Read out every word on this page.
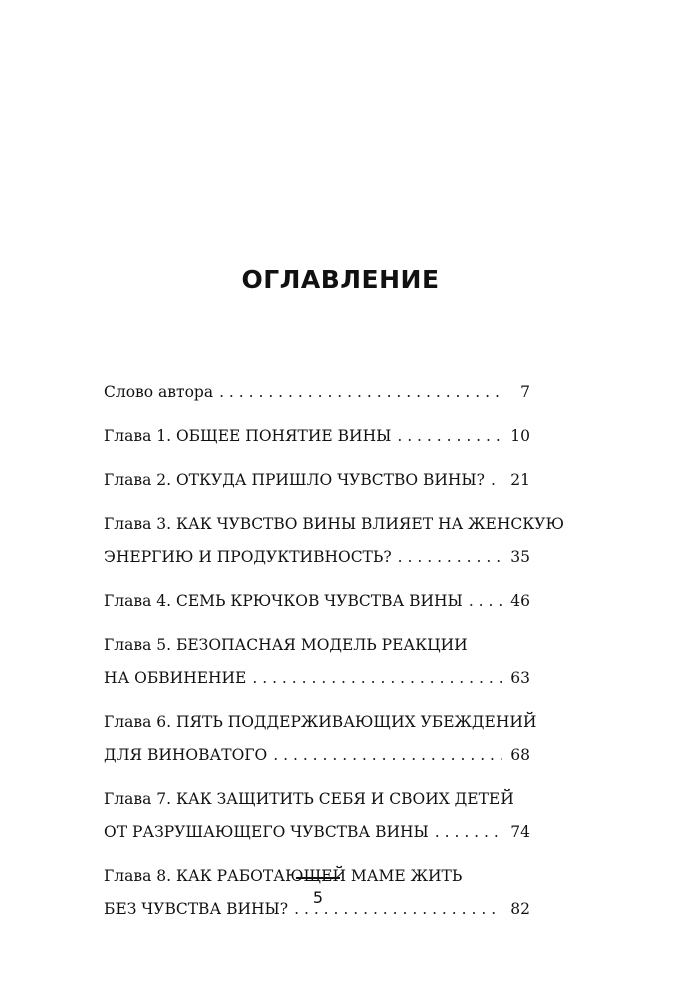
ОГЛАВЛЕНИЕ
Слово автора . . .	7
Глава 1. ОБЩЕЕ ПОНЯТИЕ ВИНЫ . . .	10
Глава 2. ОТКУДА ПРИШЛО ЧУВСТВО ВИНЫ? . . . 21
Глава 3. КАК ЧУВСТВО ВИНЫ ВЛИЯЕТ НА ЖЕНСКУЮ
ЭНЕРГИЮ И ПРОДУКТИВНОСТЬ? . . .	35
Глава 4. СЕМЬ КРЮЧКОВ ЧУВСТВА ВИНЫ . . .	46
Глава 5. БЕЗОПАСНАЯ МОДЕЛЬ РЕАКЦИИ
НА ОБВИНЕНИЕ . . .	63
Глава 6. ПЯТЬ ПОДДЕРЖИВАЮЩИХ УБЕЖДЕНИЙ
ДЛЯ ВИНОВАТОГО . . .	68
Глава 7. КАК ЗАЩИТИТЬ СЕБЯ И СВОИХ ДЕТЕЙ
ОТ РАЗРУШАЮЩЕГО ЧУВСТВА ВИНЫ . . .	74
Глава 8. КАК РАБОТАЮЩЕЙ МАМЕ ЖИТЬ
БЕЗ ЧУВСТВА ВИНЫ? . . .	82
5
